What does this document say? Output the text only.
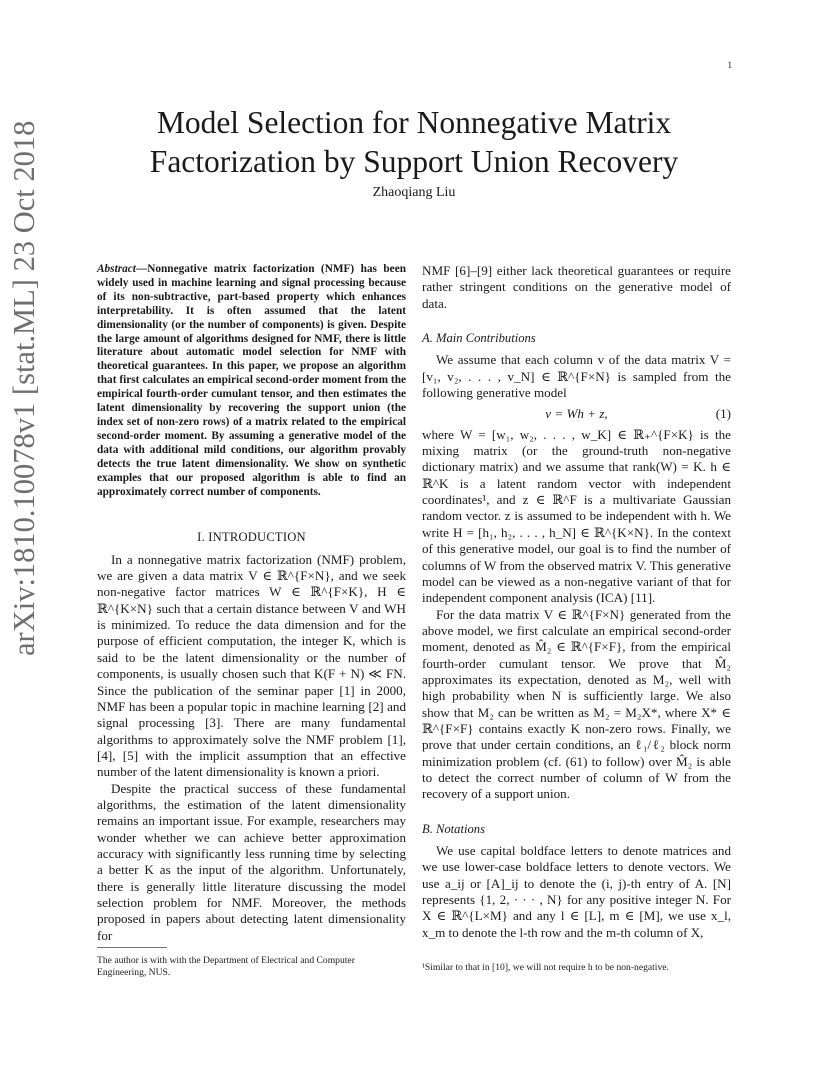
1
arXiv:1810.10078v1 [stat.ML] 23 Oct 2018	Model Selection for Nonnegative Matrix
Factorization by Support Union Recovery
Zhaoqiang Liu

Abstract—Nonnegative matrix factorization (NMF) has been widely used in machine learning and signal processing because of its non-subtractive, part-based property which enhances interpretability. It is often assumed that the latent dimensionality (or the number of components) is given. Despite the large amount of algorithms designed for NMF, there is little literature about automatic model selection for NMF with theoretical guarantees. In this paper, we propose an algorithm that first calculates an empirical second-order moment from the empirical fourth-order cumulant tensor, and then estimates the latent dimensionality by recovering the support union (the index set of non-zero rows) of a matrix related to the empirical second-order moment. By assuming a generative model of the data with additional mild conditions, our algorithm provably detects the true latent dimensionality. We show on synthetic examples that our proposed algorithm is able to find an approximately correct number of components.

I. INTRODUCTION

In a nonnegative matrix factorization (NMF) problem, we are given a data matrix V ∈ ℝ^{F×N}, and we seek non-negative factor matrices W ∈ ℝ^{F×K}, H ∈ ℝ^{K×N} such that a certain distance between V and WH is minimized. To reduce the data dimension and for the purpose of efficient computation, the integer K, which is said to be the latent dimensionality or the number of components, is usually chosen such that K(F + N) ≪ FN. Since the publication of the seminar paper [1] in 2000, NMF has been a popular topic in machine learning [2] and signal processing [3]. There are many fundamental algorithms to approximately solve the NMF problem [1], [4], [5] with the implicit assumption that an effective number of the latent dimensionality is known a priori.

Despite the practical success of these fundamental algorithms, the estimation of the latent dimensionality remains an important issue. For example, researchers may wonder whether we can achieve better approximation accuracy with significantly less running time by selecting a better K as the input of the algorithm. Unfortunately, there is generally little literature discussing the model selection problem for NMF. Moreover, the methods proposed in papers about detecting latent dimensionality for

NMF [6]–[9] either lack theoretical guarantees or require rather stringent conditions on the generative model of data.

A. Main Contributions

We assume that each column v of the data matrix V = [v₁, v₂, . . . , v_N] ∈ ℝ^{F×N} is sampled from the following generative model

v = Wh + z,	(1)

where W = [w₁, w₂, . . . , w_K] ∈ ℝ₊^{F×K} is the mixing matrix (or the ground-truth non-negative dictionary matrix) and we assume that rank(W) = K. h ∈ ℝ^K is a latent random vector with independent coordinates¹, and z ∈ ℝ^F is a multivariate Gaussian random vector. z is assumed to be independent with h. We write H = [h₁, h₂, . . . , h_N] ∈ ℝ^{K×N}. In the context of this generative model, our goal is to find the number of columns of W from the observed matrix V. This generative model can be viewed as a non-negative variant of that for independent component analysis (ICA) [11].

For the data matrix V ∈ ℝ^{F×N} generated from the above model, we first calculate an empirical second-order moment, denoted as M̂₂ ∈ ℝ^{F×F}, from the empirical fourth-order cumulant tensor. We prove that M̂₂ approximates its expectation, denoted as M₂, well with high probability when N is sufficiently large. We also show that M₂ can be written as M₂ = M₂X*, where X* ∈ ℝ^{F×F} contains exactly K non-zero rows. Finally, we prove that under certain conditions, an ℓ₁/ℓ₂ block norm minimization problem (cf. (61) to follow) over M̂₂ is able to detect the correct number of column of W from the recovery of a support union.

B. Notations

We use capital boldface letters to denote matrices and we use lower-case boldface letters to denote vectors. We use a_ij or [A]_ij to denote the (i, j)-th entry of A. [N] represents {1, 2, · · · , N} for any positive integer N. For X ∈ ℝ^{L×M} and any l ∈ [L], m ∈ [M], we use x_l, x_m to denote the l-th row and the m-th column of X,

The author is with with the Department of Electrical and Computer Engineering, NUS.	¹Similar to that in [10], we will not require h to be non-negative.
